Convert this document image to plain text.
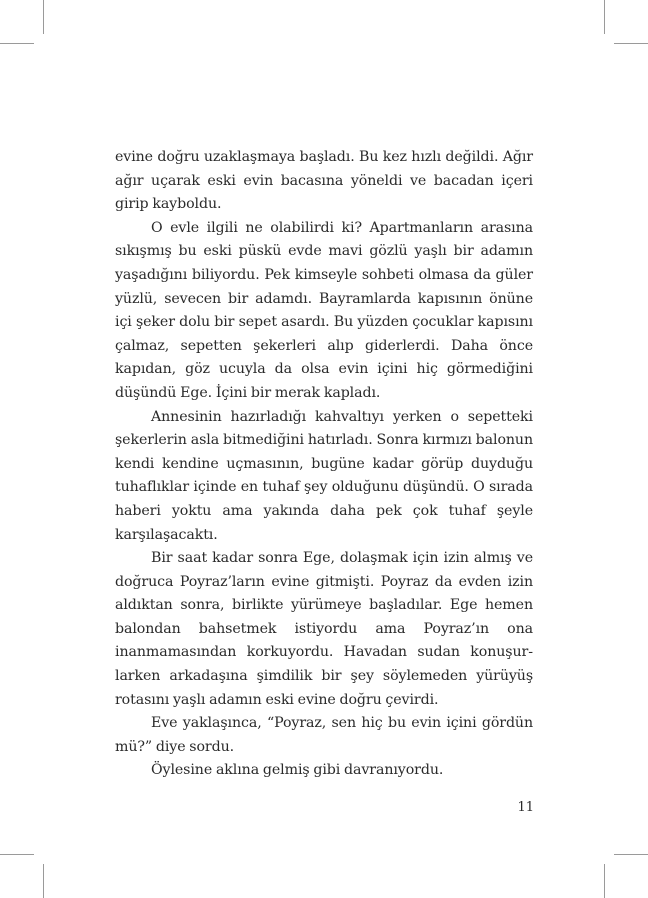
evine doğru uzaklaşmaya başladı. Bu kez hızlı değildi. Ağır ağır uçarak eski evin bacasına yöneldi ve bacadan içeri girip kayboldu.

O evle ilgili ne olabilirdi ki? Apartmanların arasına sıkışmış bu eski püskü evde mavi gözlü yaşlı bir adamın yaşadığını biliyordu. Pek kimseyle sohbeti olmasa da güler yüzlü, sevecen bir adamdı. Bayramlarda kapısının önüne içi şeker dolu bir sepet asardı. Bu yüzden çocuklar kapısını çalmaz, sepetten şekerleri alıp giderlerdi. Daha önce kapıdan, göz ucuyla da olsa evin içini hiç görmediğini düşündü Ege. İçini bir merak kapladı.

Annesinin hazırladığı kahvaltıyı yerken o sepetteki şekerlerin asla bitmediğini hatırladı. Sonra kırmızı balonun kendi kendine uçmasının, bugüne kadar görüp duyduğu tuhaflıklar içinde en tuhaf şey olduğunu düşündü. O sırada haberi yoktu ama yakında daha pek çok tuhaf şeyle karşılaşacaktı.

Bir saat kadar sonra Ege, dolaşmak için izin almış ve doğruca Poyraz’ların evine gitmişti. Poyraz da evden izin aldıktan sonra, birlikte yürümeye başladılar. Ege hemen balondan bahsetmek istiyordu ama Poyraz’ın ona inanmamasından korkuyordu. Havadan sudan konuşurlarken arkadaşına şimdilik bir şey söylemeden yürüyüş rotasını yaşlı adamın eski evine doğru çevirdi.

Eve yaklaşınca, “Poyraz, sen hiç bu evin içini gördün mü?” diye sordu.

Öylesine aklına gelmiş gibi davranıyordu.

11
